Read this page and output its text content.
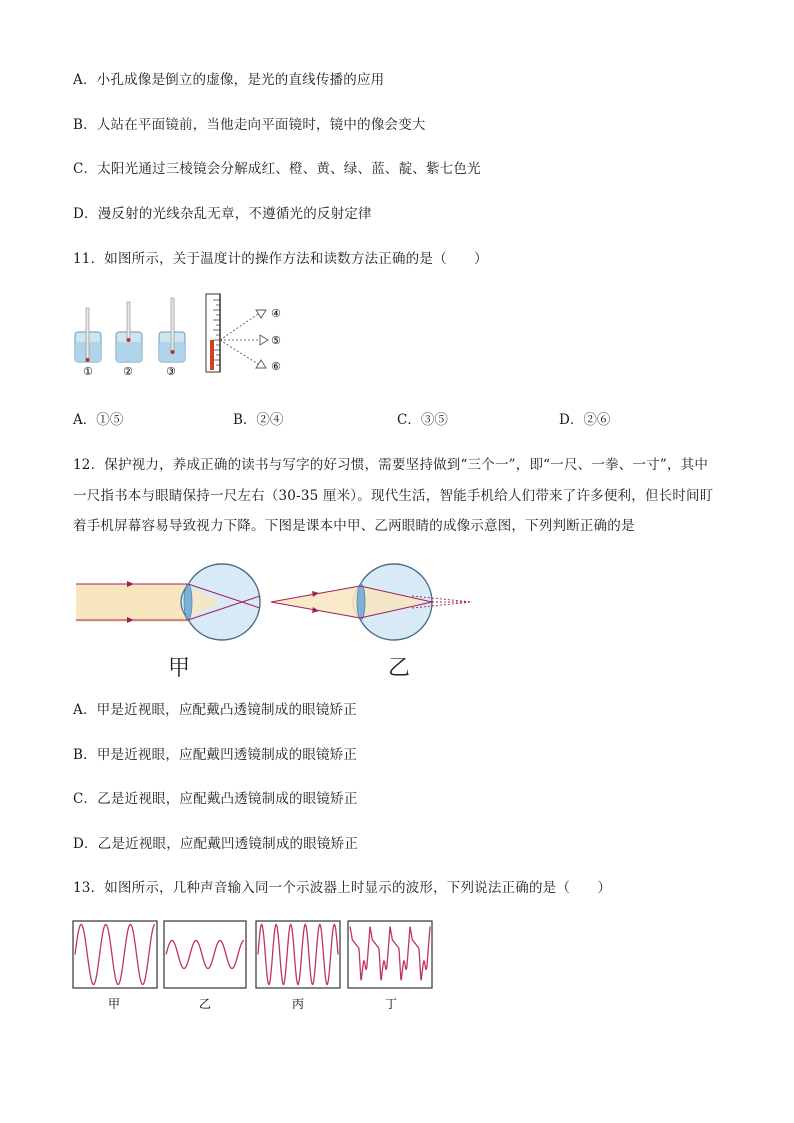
A．小孔成像是倒立的虚像，是光的直线传播的应用
B．人站在平面镜前，当他走向平面镜时，镜中的像会变大
C．太阳光通过三棱镜会分解成红、橙、黄、绿、蓝、靛、紫七色光
D．漫反射的光线杂乱无章，不遵循光的反射定律
11．如图所示，关于温度计的操作方法和读数方法正确的是（　　）
①	②	③
④
⑤
⑥
A．①⑤	B．②④	C．③⑤	D．②⑥
12．保护视力，养成正确的读书与写字的好习惯，需要坚持做到“三个一”，即“一尺、一拳、一寸”，其中
一尺指书本与眼睛保持一尺左右（30-35 厘米）。现代生活，智能手机给人们带来了许多便利，但长时间盯
着手机屏幕容易导致视力下降。下图是课本中甲、乙两眼睛的成像示意图，下列判断正确的是
甲	乙
A．甲是近视眼，应配戴凸透镜制成的眼镜矫正
B．甲是近视眼，应配戴凹透镜制成的眼镜矫正
C．乙是近视眼，应配戴凸透镜制成的眼镜矫正
D．乙是近视眼，应配戴凹透镜制成的眼镜矫正
13．如图所示，几种声音输入同一个示波器上时显示的波形，下列说法正确的是（　　）
甲	乙	丙	丁
